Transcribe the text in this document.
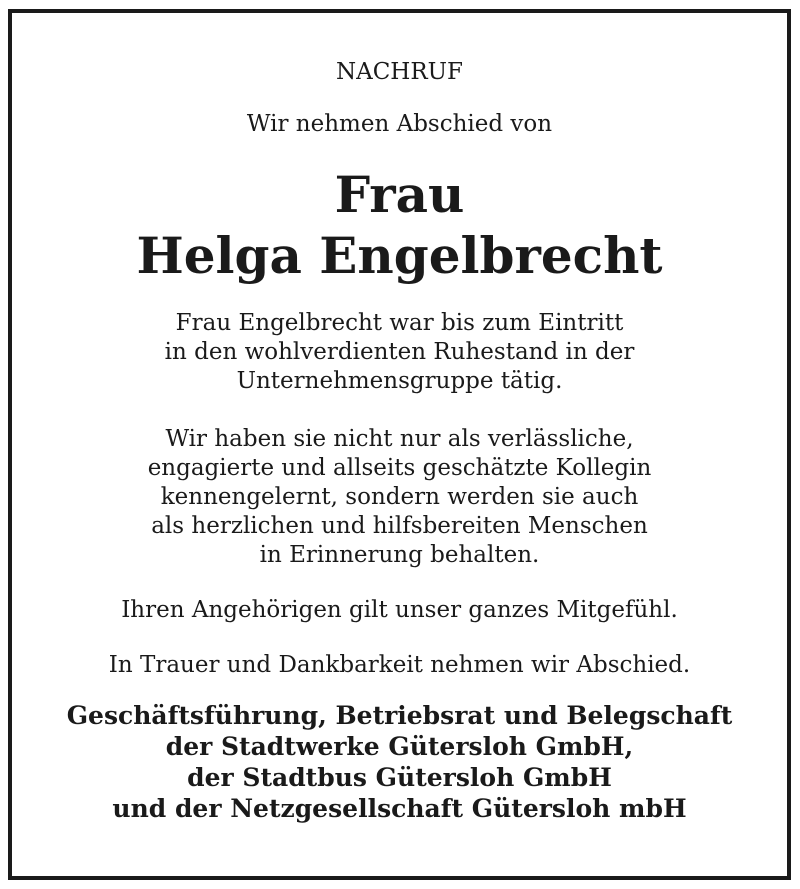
NACHRUF
Wir nehmen Abschied von
Frau
Helga Engelbrecht
Frau Engelbrecht war bis zum Eintritt
in den wohlverdienten Ruhestand in der
Unternehmensgruppe tätig.
Wir haben sie nicht nur als verlässliche,
engagierte und allseits geschätzte Kollegin
kennengelernt, sondern werden sie auch
als herzlichen und hilfsbereiten Menschen
in Erinnerung behalten.
Ihren Angehörigen gilt unser ganzes Mitgefühl.
In Trauer und Dankbarkeit nehmen wir Abschied.
Geschäftsführung, Betriebsrat und Belegschaft
der Stadtwerke Gütersloh GmbH,
der Stadtbus Gütersloh GmbH
und der Netzgesellschaft Gütersloh mbH
